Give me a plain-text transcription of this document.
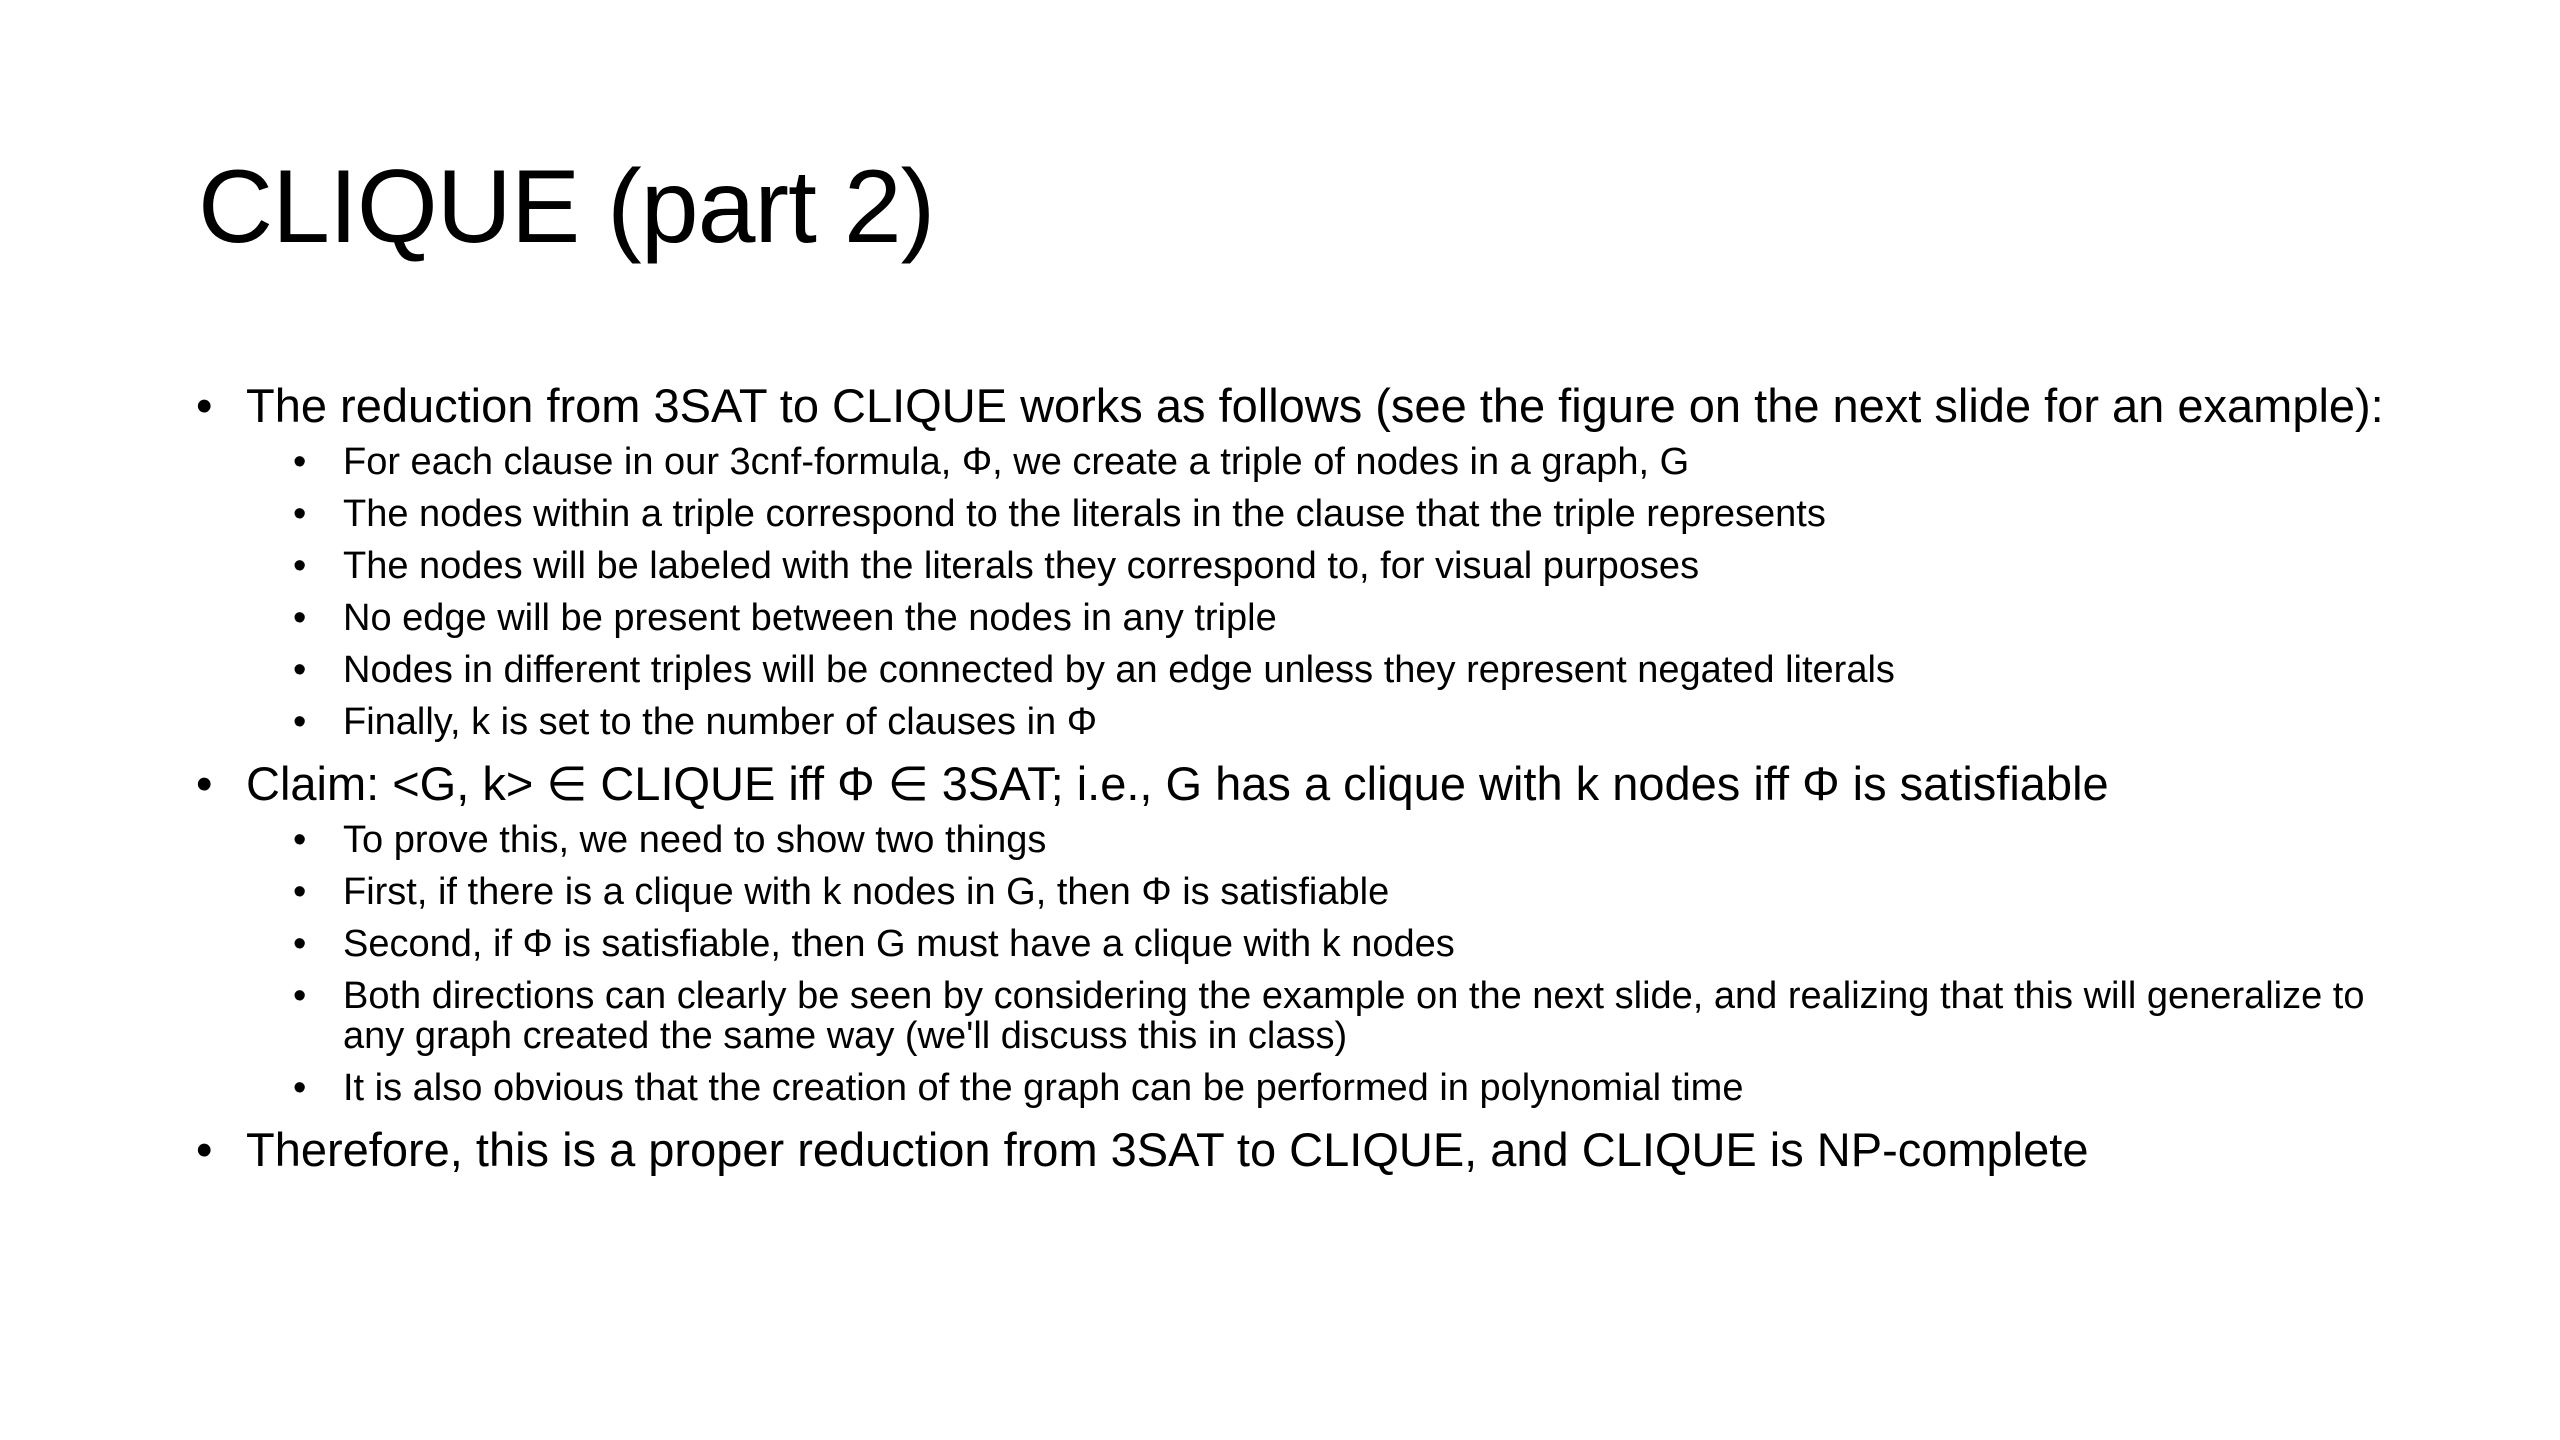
CLIQUE (part 2)
• The reduction from 3SAT to CLIQUE works as follows (see the figure on the next slide for an example):
• For each clause in our 3cnf-formula, Φ, we create a triple of nodes in a graph, G
• The nodes within a triple correspond to the literals in the clause that the triple represents
• The nodes will be labeled with the literals they correspond to, for visual purposes
• No edge will be present between the nodes in any triple
• Nodes in different triples will be connected by an edge unless they represent negated literals
• Finally, k is set to the number of clauses in Φ
• Claim: <G, k> ∈ CLIQUE iff Φ ∈ 3SAT; i.e., G has a clique with k nodes iff Φ is satisfiable
• To prove this, we need to show two things
• First, if there is a clique with k nodes in G, then Φ is satisfiable
• Second, if Φ is satisfiable, then G must have a clique with k nodes
• Both directions can clearly be seen by considering the example on the next slide, and realizing that this will generalize to any graph created the same way (we'll discuss this in class)
• It is also obvious that the creation of the graph can be performed in polynomial time
• Therefore, this is a proper reduction from 3SAT to CLIQUE, and CLIQUE is NP-complete
